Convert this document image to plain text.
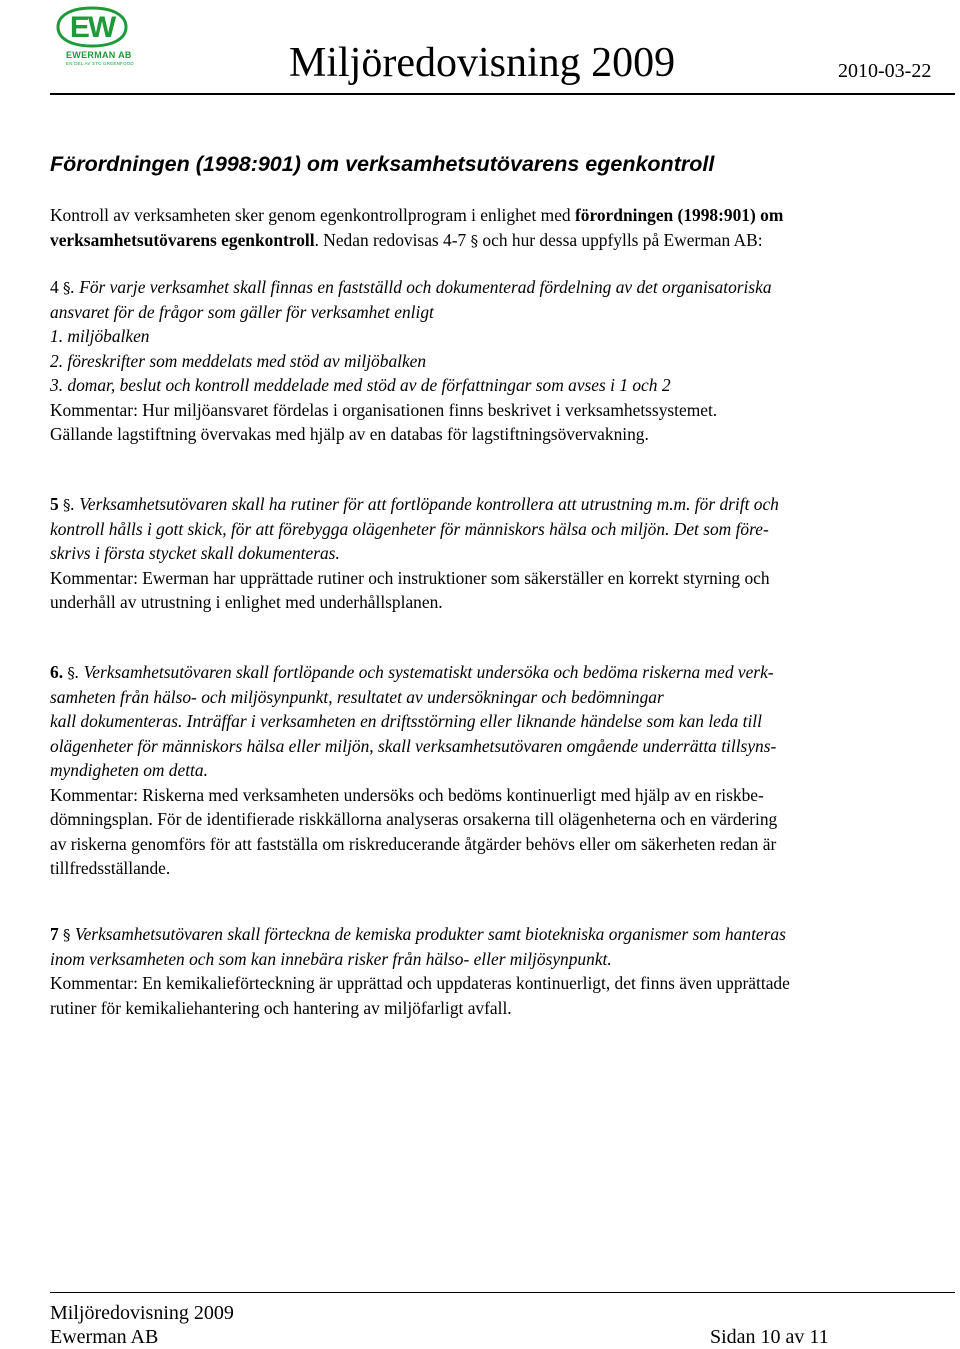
EW
EWERMAN AB
EN DEL AV STC GREENFOOD	Miljöredovisning 2009	2010-03-22
Förordningen (1998:901) om verksamhetsutövarens egenkontroll
Kontroll av verksamheten sker genom egenkontrollprogram i enlighet med förordningen (1998:901) om
verksamhetsutövarens egenkontroll. Nedan redovisas 4-7 § och hur dessa uppfylls på Ewerman AB:
4 §. För varje verksamhet skall finnas en fastställd och dokumenterad fördelning av det organisatoriska
ansvaret för de frågor som gäller för verksamhet enligt
1. miljöbalken
2. föreskrifter som meddelats med stöd av miljöbalken
3. domar, beslut och kontroll meddelade med stöd av de författningar som avses i 1 och 2
Kommentar: Hur miljöansvaret fördelas i organisationen finns beskrivet i verksamhetssystemet.
Gällande lagstiftning övervakas med hjälp av en databas för lagstiftningsövervakning.
5 §. Verksamhetsutövaren skall ha rutiner för att fortlöpande kontrollera att utrustning m.m. för drift och
kontroll hålls i gott skick, för att förebygga olägenheter för människors hälsa och miljön. Det som före-
skrivs i första stycket skall dokumenteras.
Kommentar: Ewerman har upprättade rutiner och instruktioner som säkerställer en korrekt styrning och
underhåll av utrustning i enlighet med underhållsplanen.
6. §. Verksamhetsutövaren skall fortlöpande och systematiskt undersöka och bedöma riskerna med verk-
samheten från hälso- och miljösynpunkt, resultatet av undersökningar och bedömningar
kall dokumenteras. Inträffar i verksamheten en driftsstörning eller liknande händelse som kan leda till
olägenheter för människors hälsa eller miljön, skall verksamhetsutövaren omgående underrätta tillsyns-
myndigheten om detta.
Kommentar: Riskerna med verksamheten undersöks och bedöms kontinuerligt med hjälp av en riskbe-
dömningsplan. För de identifierade riskkällorna analyseras orsakerna till olägenheterna och en värdering
av riskerna genomförs för att fastställa om riskreducerande åtgärder behövs eller om säkerheten redan är
tillfredsställande.
7 § Verksamhetsutövaren skall förteckna de kemiska produkter samt biotekniska organismer som hanteras
inom verksamheten och som kan innebära risker från hälso- eller miljösynpunkt.
Kommentar: En kemikalieförteckning är upprättad och uppdateras kontinuerligt, det finns även upprättade
rutiner för kemikaliehantering och hantering av miljöfarligt avfall.
Miljöredovisning 2009
Ewerman AB	Sidan 10 av 11
